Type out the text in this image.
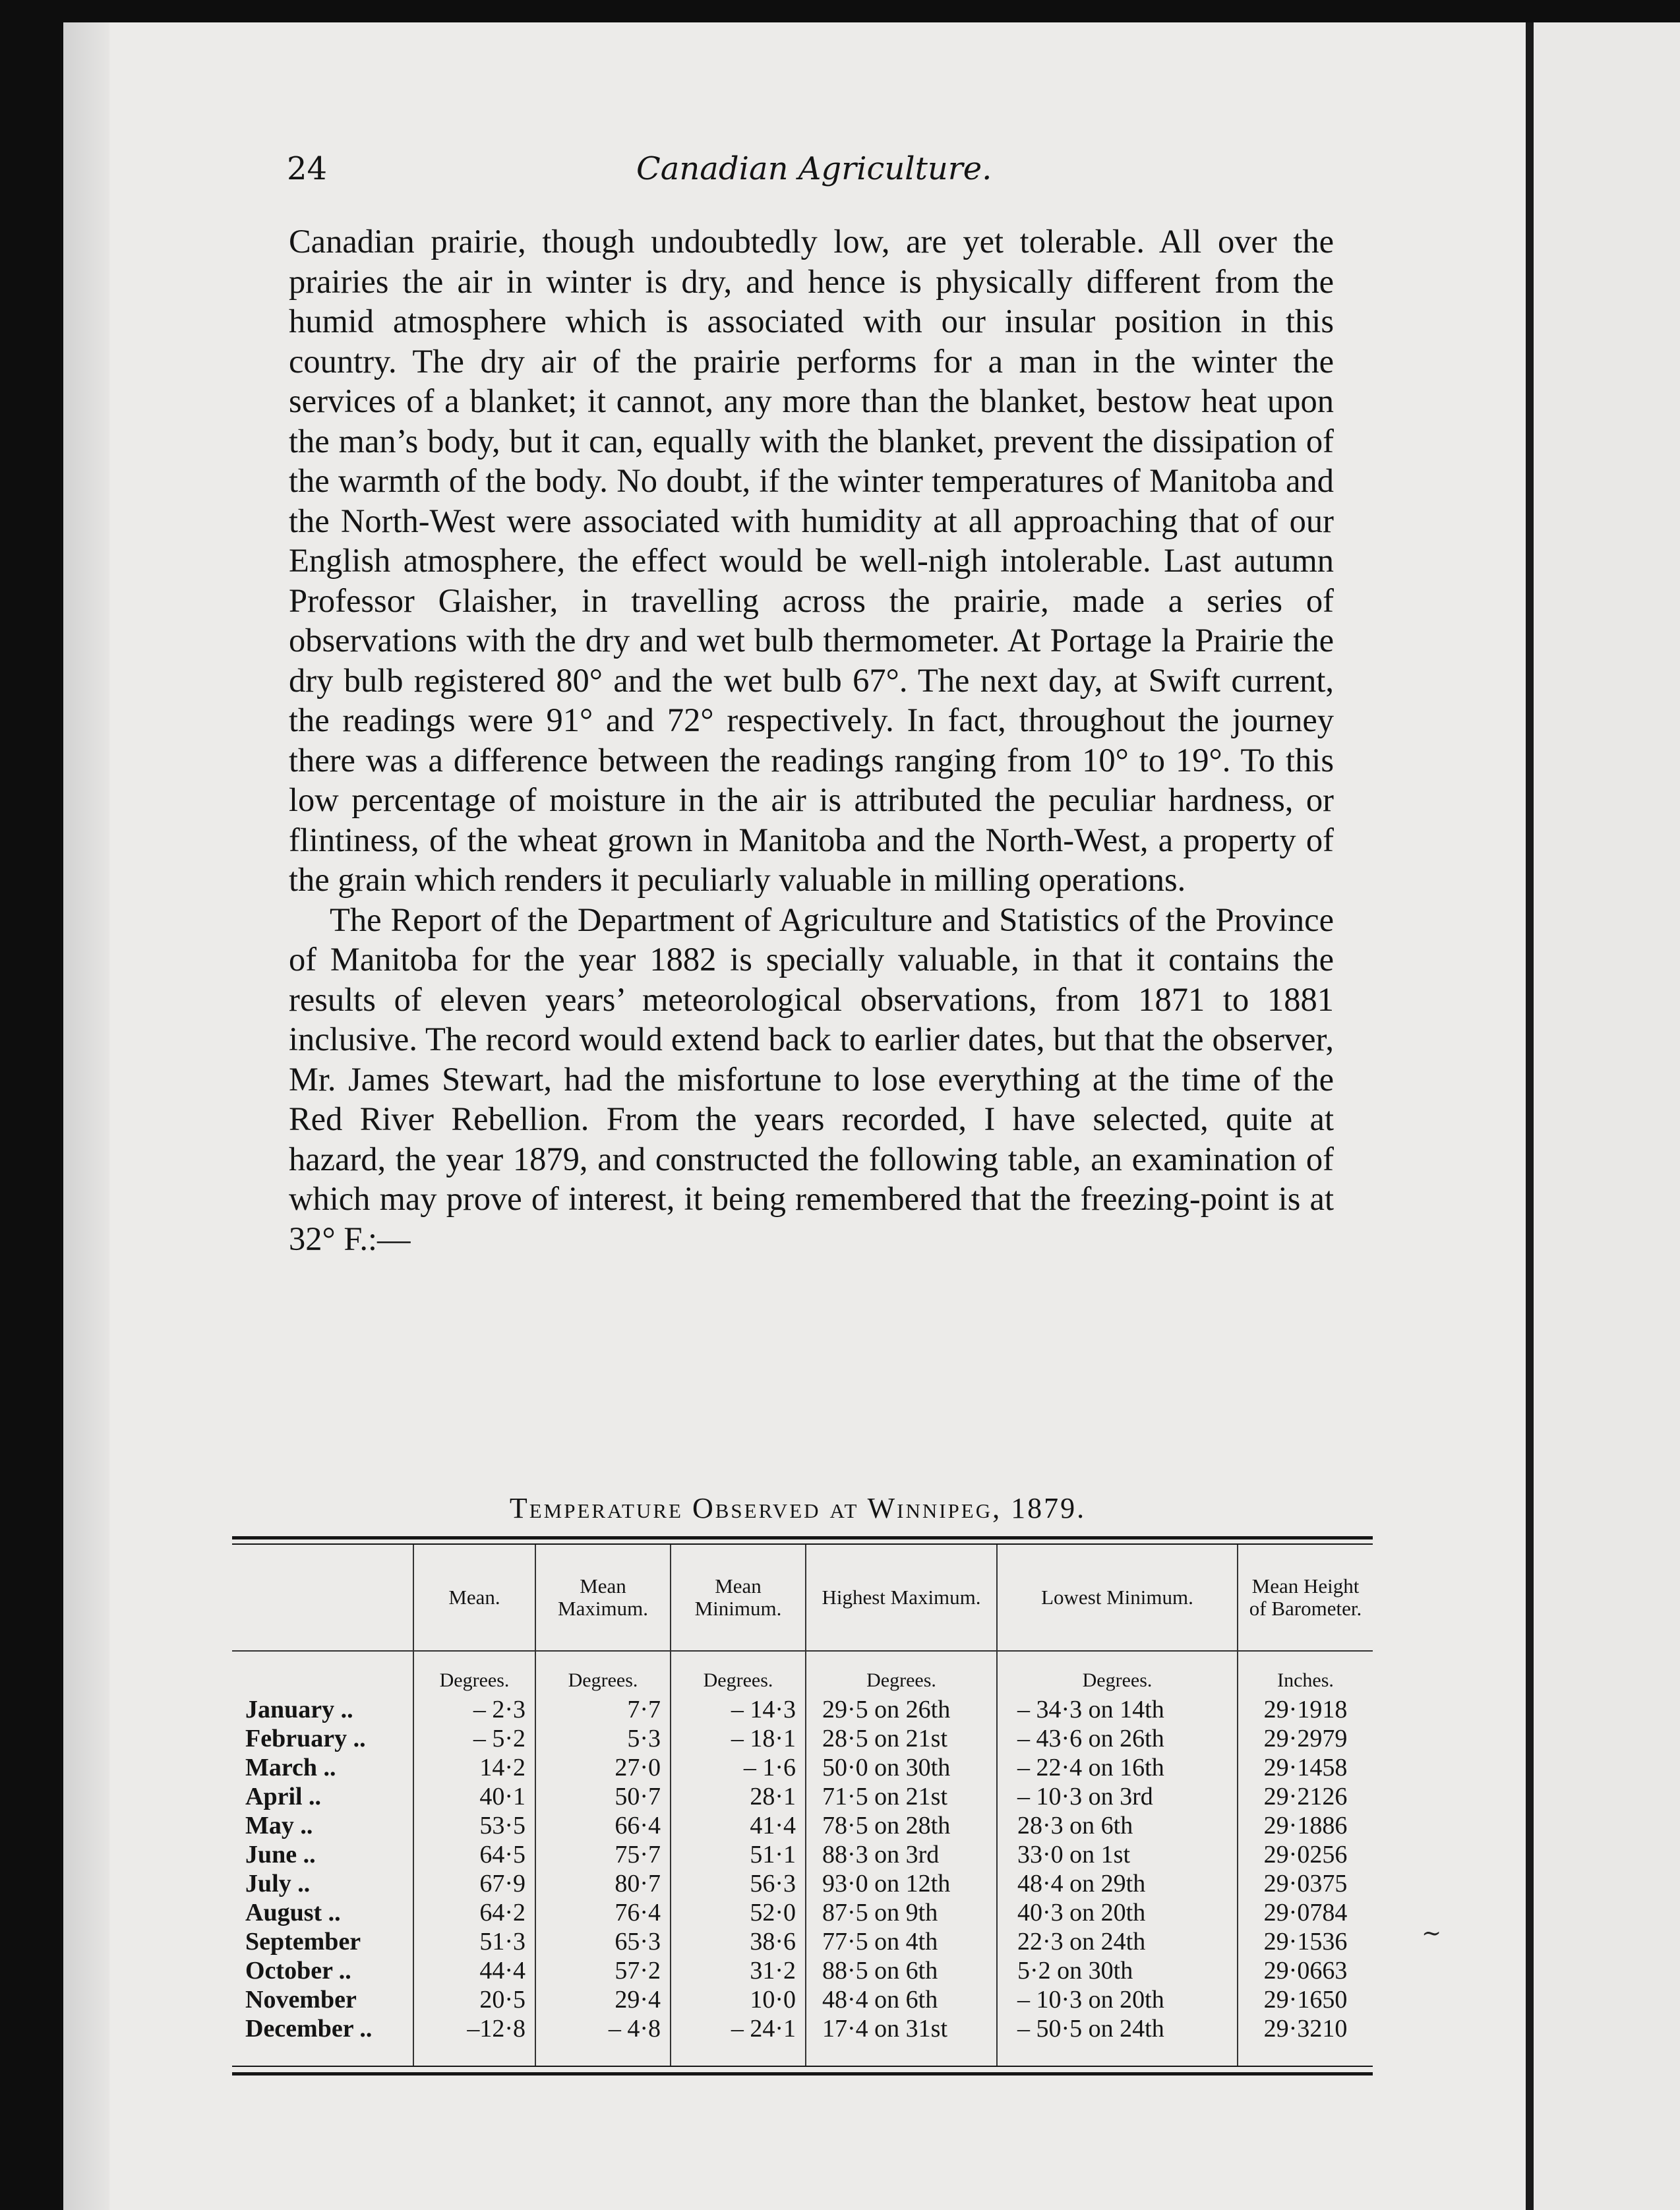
24	Canadian Agriculture.

Canadian prairie, though undoubtedly low, are yet tolerable. All over the prairies the air in winter is dry, and hence is physically different from the humid atmosphere which is associated with our insular position in this country. The dry air of the prairie performs for a man in the winter the services of a blanket; it cannot, any more than the blanket, bestow heat upon the man’s body, but it can, equally with the blanket, prevent the dissipation of the warmth of the body. No doubt, if the winter temperatures of Manitoba and the North-West were associated with humidity at all approaching that of our English atmosphere, the effect would be well-nigh intolerable. Last autumn Professor Glaisher, in travelling across the prairie, made a series of observations with the dry and wet bulb thermometer. At Portage la Prairie the dry bulb registered 80° and the wet bulb 67°. The next day, at Swift current, the readings were 91° and 72° respectively. In fact, throughout the journey there was a difference between the readings ranging from 10° to 19°. To this low percentage of moisture in the air is attributed the peculiar hardness, or flintiness, of the wheat grown in Manitoba and the North-West, a property of the grain which renders it peculiarly valuable in milling operations.

The Report of the Department of Agriculture and Statistics of the Province of Manitoba for the year 1882 is specially valuable, in that it contains the results of eleven years’ meteorological observations, from 1871 to 1881 inclusive. The record would extend back to earlier dates, but that the observer, Mr. James Stewart, had the misfortune to lose everything at the time of the Red River Rebellion. From the years recorded, I have selected, quite at hazard, the year 1879, and constructed the following table, an examination of which may prove of interest, it being remembered that the freezing-point is at 32° F.:—

Temperature Observed at Winnipeg, 1879.
	Mean.	Mean Maximum.	Mean Minimum.	Highest Maximum.	Lowest Minimum.	Mean Height of Barometer.
	Degrees.	Degrees.	Degrees.	Degrees.	Degrees.	Inches.
January ..	– 2·3	7·7	– 14·3	29·5 on 26th	– 34·3 on 14th	29·1918
February ..	– 5·2	5·3	– 18·1	28·5 on 21st	– 43·6 on 26th	29·2979
March ..	14·2	27·0	– 1·6	50·0 on 30th	– 22·4 on 16th	29·1458
April ..	40·1	50·7	28·1	71·5 on 21st	– 10·3 on 3rd	29·2126
May ..	53·5	66·4	41·4	78·5 on 28th	28·3 on 6th	29·1886
June ..	64·5	75·7	51·1	88·3 on 3rd	33·0 on 1st	29·0256
July ..	67·9	80·7	56·3	93·0 on 12th	48·4 on 29th	29·0375
August ..	64·2	76·4	52·0	87·5 on 9th	40·3 on 20th	29·0784
September	51·3	65·3	38·6	77·5 on 4th	22·3 on 24th	29·1536
October ..	44·4	57·2	31·2	88·5 on 6th	5·2 on 30th	29·0663
November	20·5	29·4	10·0	48·4 on 6th	– 10·3 on 20th	29·1650
December ..	–12·8	– 4·8	– 24·1	17·4 on 31st	– 50·5 on 24th	29·3210
~
